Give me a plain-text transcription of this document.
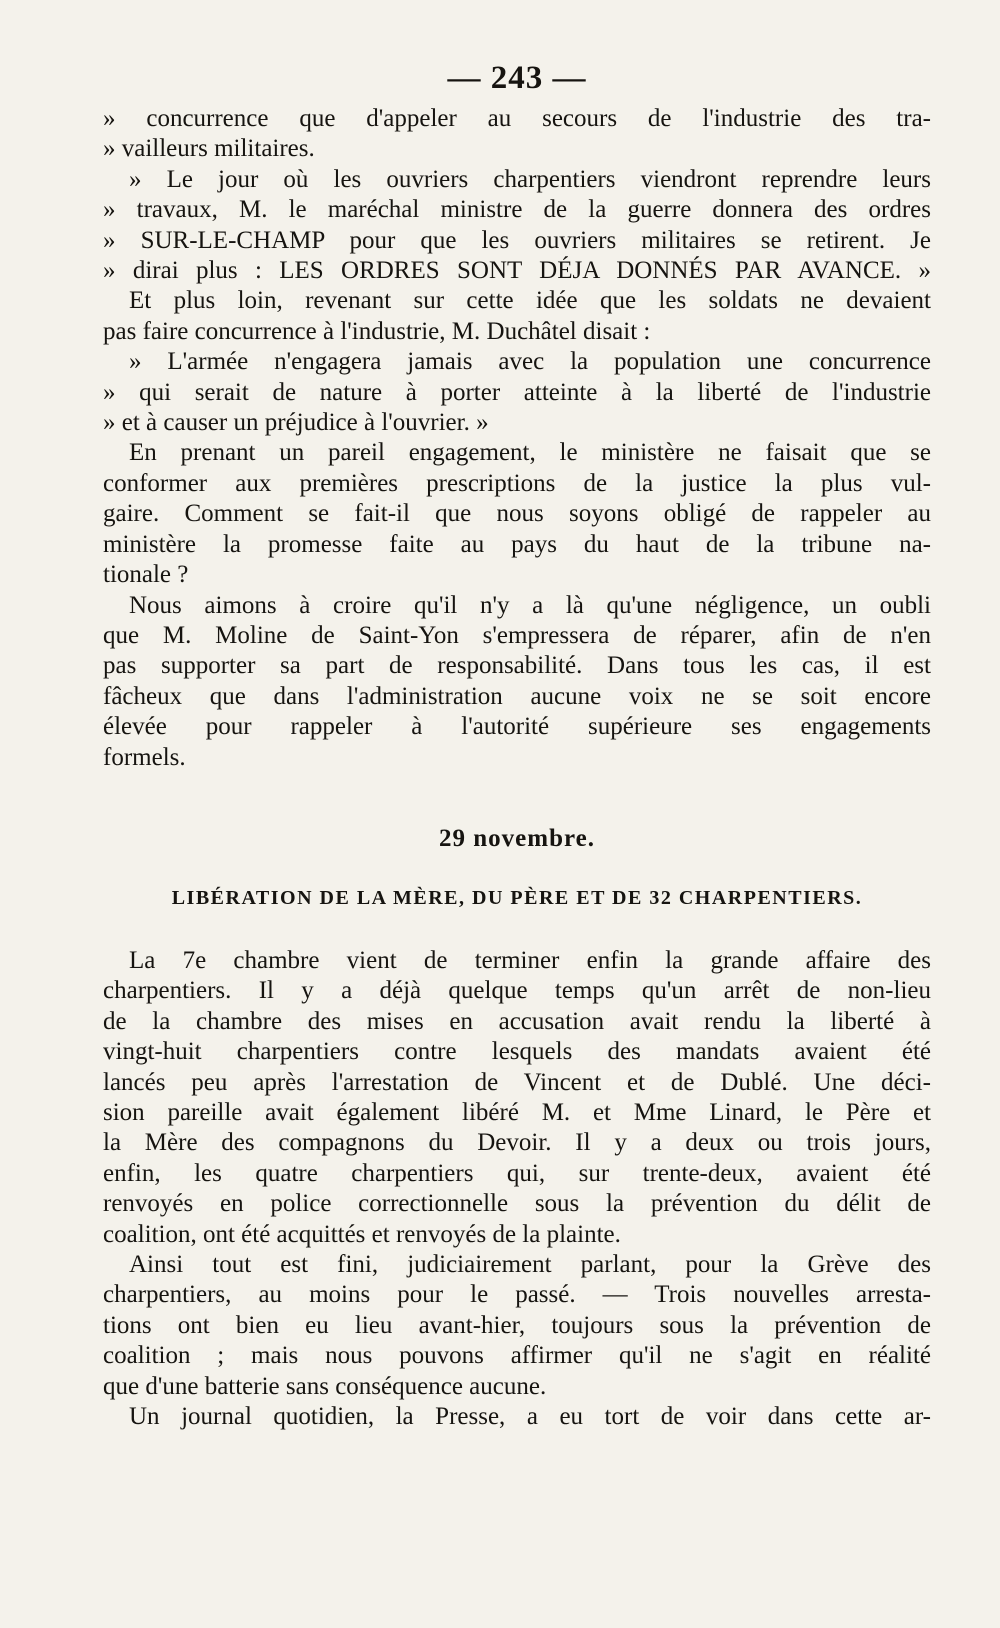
— 243 —
» concurrence que d'appeler au secours de l'industrie des tra-
» vailleurs militaires.
» Le jour où les ouvriers charpentiers viendront reprendre leurs
» travaux, M. le maréchal ministre de la guerre donnera des ordres
» SUR-LE-CHAMP pour que les ouvriers militaires se retirent. Je
» dirai plus : LES ORDRES SONT DÉJA DONNÉS PAR AVANCE. »
Et plus loin, revenant sur cette idée que les soldats ne devaient
pas faire concurrence à l'industrie, M. Duchâtel disait :
» L'armée n'engagera jamais avec la population une concurrence
» qui serait de nature à porter atteinte à la liberté de l'industrie
» et à causer un préjudice à l'ouvrier. »
En prenant un pareil engagement, le ministère ne faisait que se
conformer aux premières prescriptions de la justice la plus vul-
gaire. Comment se fait-il que nous soyons obligé de rappeler au
ministère la promesse faite au pays du haut de la tribune na-
tionale ?
Nous aimons à croire qu'il n'y a là qu'une négligence, un oubli
que M. Moline de Saint-Yon s'empressera de réparer, afin de n'en
pas supporter sa part de responsabilité. Dans tous les cas, il est
fâcheux que dans l'administration aucune voix ne se soit encore
élevée pour rappeler à l'autorité supérieure ses engagements
formels.
29 novembre.
LIBÉRATION DE LA MÈRE, DU PÈRE ET DE 32 CHARPENTIERS.
La 7e chambre vient de terminer enfin la grande affaire des
charpentiers. Il y a déjà quelque temps qu'un arrêt de non-lieu
de la chambre des mises en accusation avait rendu la liberté à
vingt-huit charpentiers contre lesquels des mandats avaient été
lancés peu après l'arrestation de Vincent et de Dublé. Une déci-
sion pareille avait également libéré M. et Mme Linard, le Père et
la Mère des compagnons du Devoir. Il y a deux ou trois jours,
enfin, les quatre charpentiers qui, sur trente-deux, avaient été
renvoyés en police correctionnelle sous la prévention du délit de
coalition, ont été acquittés et renvoyés de la plainte.
Ainsi tout est fini, judiciairement parlant, pour la Grève des
charpentiers, au moins pour le passé. — Trois nouvelles arresta-
tions ont bien eu lieu avant-hier, toujours sous la prévention de
coalition ; mais nous pouvons affirmer qu'il ne s'agit en réalité
que d'une batterie sans conséquence aucune.
Un journal quotidien, la Presse, a eu tort de voir dans cette ar-
